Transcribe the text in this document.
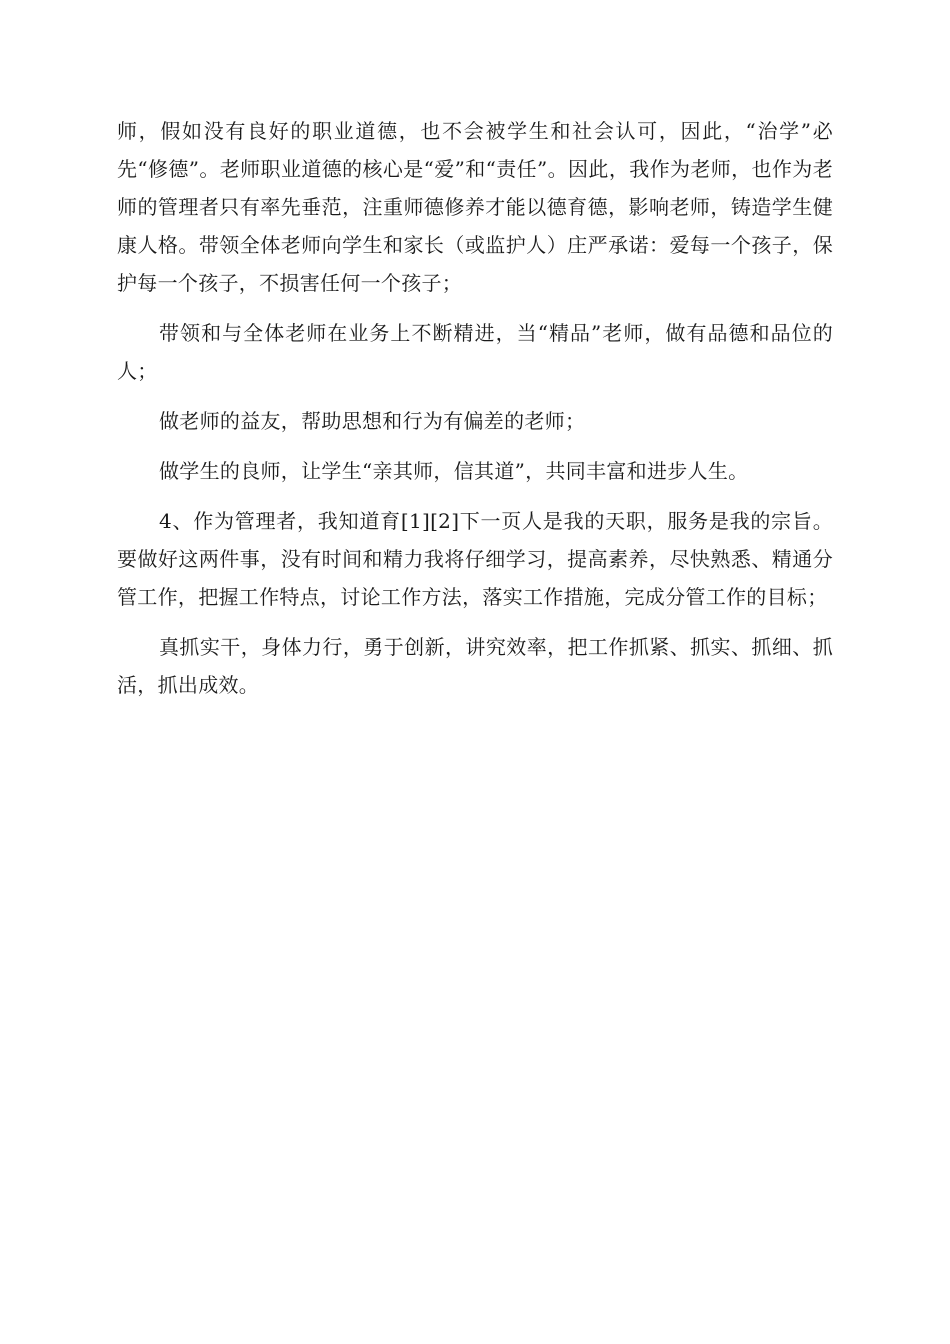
师，假如没有良好的职业道德，也不会被学生和社会认可，因此，“治学”必先“修德”。老师职业道德的核心是“爱”和“责任”。因此，我作为老师，也作为老师的管理者只有率先垂范，注重师德修养才能以德育德，影响老师，铸造学生健康人格。带领全体老师向学生和家长（或监护人）庄严承诺：爱每一个孩子，保护每一个孩子，不损害任何一个孩子；

带领和与全体老师在业务上不断精进，当“精品”老师，做有品德和品位的人；

做老师的益友，帮助思想和行为有偏差的老师；

做学生的良师，让学生“亲其师，信其道”，共同丰富和进步人生。

4、作为管理者，我知道育[1][2]下一页人是我的天职，服务是我的宗旨。要做好这两件事，没有时间和精力我将仔细学习，提高素养，尽快熟悉、精通分管工作，把握工作特点，讨论工作方法，落实工作措施，完成分管工作的目标；

真抓实干，身体力行，勇于创新，讲究效率，把工作抓紧、抓实、抓细、抓活，抓出成效。
